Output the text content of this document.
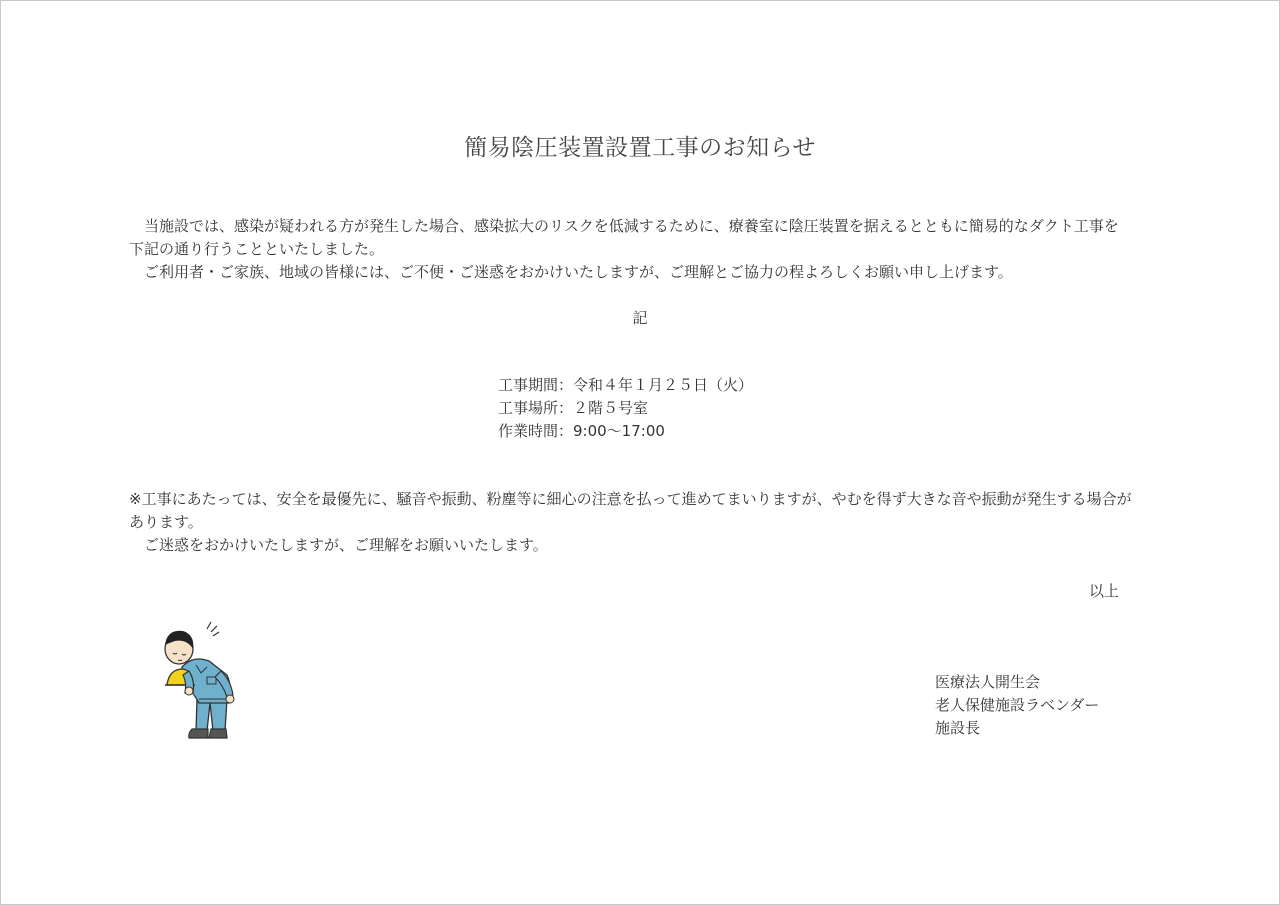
簡易陰圧装置設置工事のお知らせ

当施設では、感染が疑われる方が発生した場合、感染拡大のリスクを低減するために、療養室に陰圧装置を据えるとともに簡易的なダクト工事を下記の通り行うことといたしました。

ご利用者・ご家族、地域の皆様には、ご不便・ご迷惑をおかけいたしますが、ご理解とご協力の程よろしくお願い申し上げます。

記
工事期間：令和４年１月２５日（火）
工事場所：２階５号室
作業時間：9:00～17:00

※工事にあたっては、安全を最優先に、騒音や振動、粉塵等に細心の注意を払って進めてまいりますが、やむを得ず大きな音や振動が発生する場合があります。

ご迷惑をおかけいたしますが、ご理解をお願いいたします。

以上
医療法人開生会
老人保健施設ラベンダー
施設長
